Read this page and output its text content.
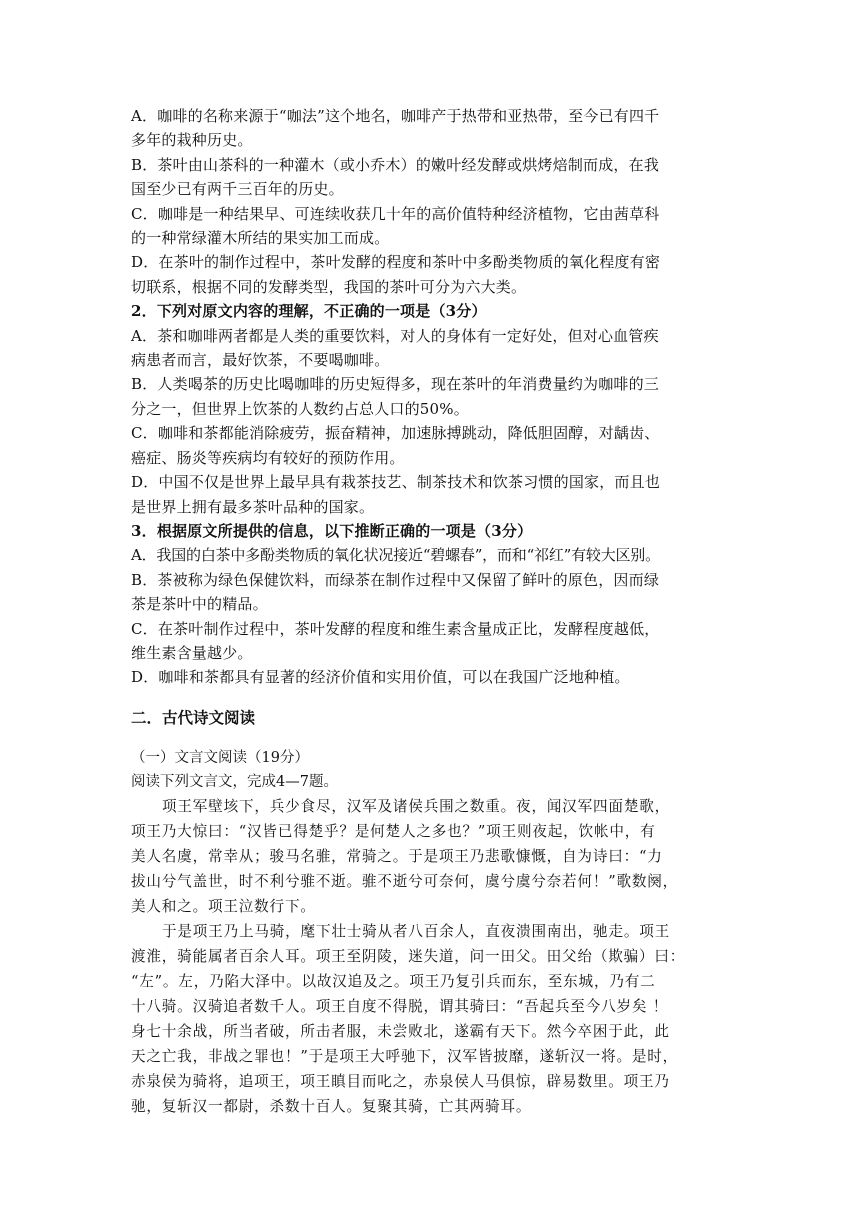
A．咖啡的名称来源于“咖法”这个地名，咖啡产于热带和亚热带，至今已有四千
多年的栽种历史。
B．茶叶由山茶科的一种灌木（或小乔木）的嫩叶经发酵或烘烤焙制而成，在我
国至少已有两千三百年的历史。
C．咖啡是一种结果早、可连续收获几十年的高价值特种经济植物，它由茜草科
的一种常绿灌木所结的果实加工而成。
D．在茶叶的制作过程中，茶叶发酵的程度和茶叶中多酚类物质的氧化程度有密
切联系，根据不同的发酵类型，我国的茶叶可分为六大类。
2．下列对原文内容的理解，不正确的一项是（3分）
A．茶和咖啡两者都是人类的重要饮料，对人的身体有一定好处，但对心血管疾
病患者而言，最好饮茶，不要喝咖啡。
B．人类喝茶的历史比喝咖啡的历史短得多，现在茶叶的年消费量约为咖啡的三
分之一，但世界上饮茶的人数约占总人口的50%。
C．咖啡和茶都能消除疲劳，振奋精神，加速脉搏跳动，降低胆固醇，对龋齿、
癌症、肠炎等疾病均有较好的预防作用。
D．中国不仅是世界上最早具有栽茶技艺、制茶技术和饮茶习惯的国家，而且也
是世界上拥有最多茶叶品种的国家。
3．根据原文所提供的信息，以下推断正确的一项是（3分）
A．我国的白茶中多酚类物质的氧化状况接近“碧螺春”，而和“祁红”有较大区别。
B．茶被称为绿色保健饮料，而绿茶在制作过程中又保留了鲜叶的原色，因而绿
茶是茶叶中的精品。
C．在茶叶制作过程中，茶叶发酵的程度和维生素含量成正比，发酵程度越低，
维生素含量越少。
D．咖啡和茶都具有显著的经济价值和实用价值，可以在我国广泛地种植。
二．古代诗文阅读
（一）文言文阅读（19分）
阅读下列文言文，完成4—7题。
项王军壁垓下，兵少食尽，汉军及诸侯兵围之数重。夜，闻汉军四面楚歌，
项王乃大惊曰：“汉皆已得楚乎？是何楚人之多也？”项王则夜起，饮帐中，有
美人名虞，常幸从；骏马名骓，常骑之。于是项王乃悲歌慷慨，自为诗曰：“力
拔山兮气盖世，时不利兮骓不逝。骓不逝兮可奈何，虞兮虞兮奈若何！”歌数阕，
美人和之。项王泣数行下。
于是项王乃上马骑，麾下壮士骑从者八百余人，直夜溃围南出，驰走。项王
渡淮，骑能属者百余人耳。项王至阴陵，迷失道，问一田父。田父绐（欺骗）曰：
“左”。左，乃陷大泽中。以故汉追及之。项王乃复引兵而东，至东城，乃有二
十八骑。汉骑追者数千人。项王自度不得脱，谓其骑曰：“吾起兵至今八岁矣 ！
身七十余战，所当者破，所击者服，未尝败北，遂霸有天下。然今卒困于此，此
天之亡我，非战之罪也！”于是项王大呼驰下，汉军皆披靡，遂斩汉一将。是时，
赤泉侯为骑将，追项王，项王瞋目而叱之，赤泉侯人马俱惊，辟易数里。项王乃
驰，复斩汉一都尉，杀数十百人。复聚其骑，亡其两骑耳。
